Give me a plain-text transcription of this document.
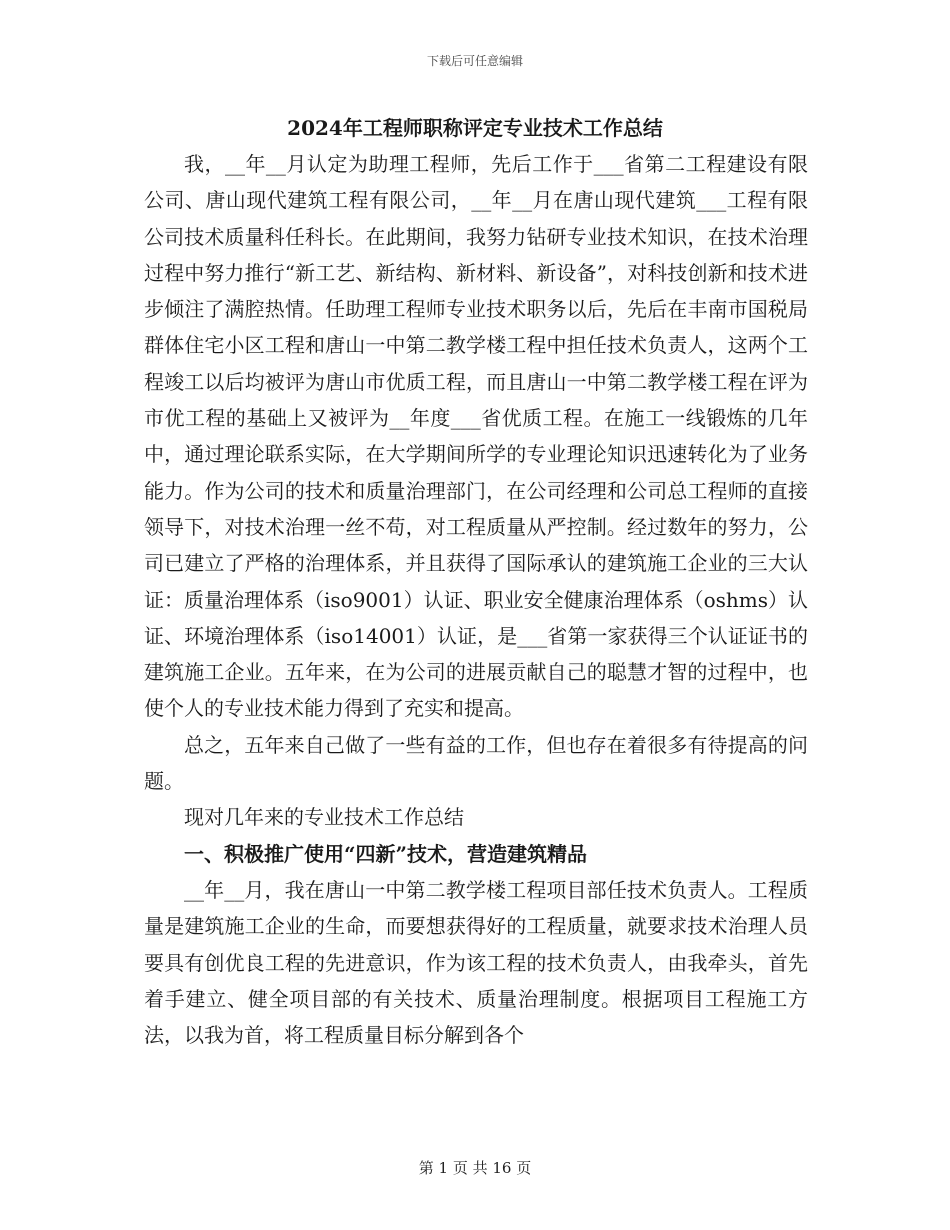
下载后可任意编辑
2024年工程师职称评定专业技术工作总结

我，__年__月认定为助理工程师，先后工作于___省第二工程建设有限公司、唐山现代建筑工程有限公司，__年__月在唐山现代建筑___工程有限公司技术质量科任科长。在此期间，我努力钻研专业技术知识，在技术治理过程中努力推行“新工艺、新结构、新材料、新设备”，对科技创新和技术进步倾注了满腔热情。任助理工程师专业技术职务以后，先后在丰南市国税局群体住宅小区工程和唐山一中第二教学楼工程中担任技术负责人，这两个工程竣工以后均被评为唐山市优质工程，而且唐山一中第二教学楼工程在评为市优工程的基础上又被评为__年度___省优质工程。在施工一线锻炼的几年中，通过理论联系实际，在大学期间所学的专业理论知识迅速转化为了业务能力。作为公司的技术和质量治理部门，在公司经理和公司总工程师的直接领导下，对技术治理一丝不苟，对工程质量从严控制。经过数年的努力，公司已建立了严格的治理体系，并且获得了国际承认的建筑施工企业的三大认证：质量治理体系（iso9001）认证、职业安全健康治理体系（oshms）认证、环境治理体系（iso14001）认证，是___省第一家获得三个认证证书的建筑施工企业。五年来，在为公司的进展贡献自己的聪慧才智的过程中，也使个人的专业技术能力得到了充实和提高。

总之，五年来自己做了一些有益的工作，但也存在着很多有待提高的问题。

现对几年来的专业技术工作总结

一、积极推广使用“四新”技术，营造建筑精品

__年__月，我在唐山一中第二教学楼工程项目部任技术负责人。工程质量是建筑施工企业的生命，而要想获得好的工程质量，就要求技术治理人员要具有创优良工程的先进意识，作为该工程的技术负责人，由我牵头，首先着手建立、健全项目部的有关技术、质量治理制度。根据项目工程施工方法，以我为首，将工程质量目标分解到各个

第 1 页 共 16 页
